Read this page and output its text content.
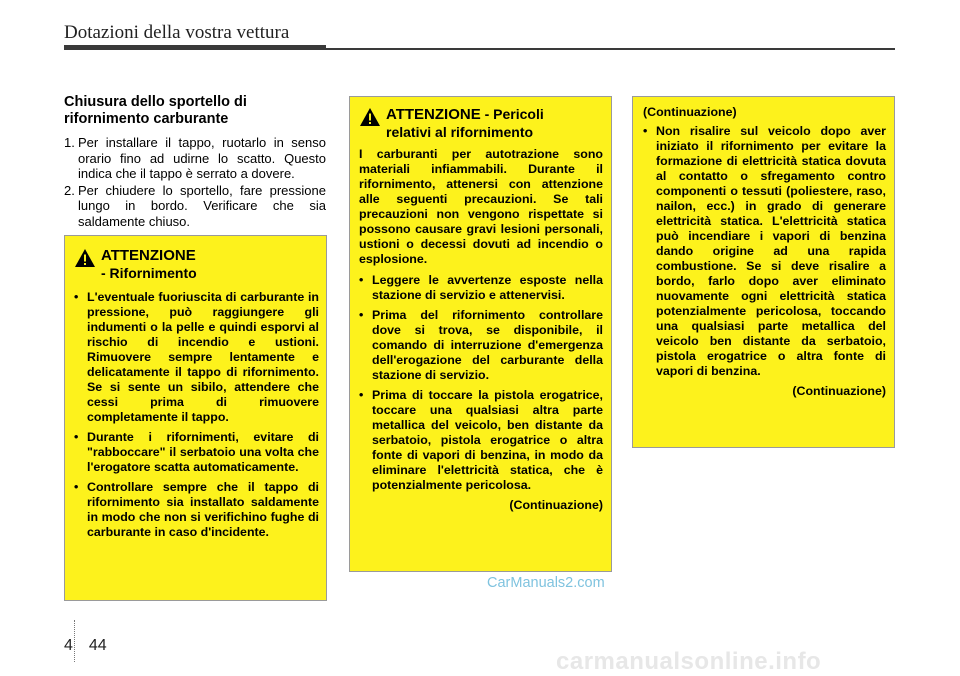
Dotazioni della vostra vettura
Chiusura dello sportello di rifornimento carburante
1. Per installare il tappo, ruotarlo in senso orario fino ad udirne lo scatto. Questo indica che il tappo è serrato a dovere.
2. Per chiudere lo sportello, fare pressione lungo in bordo. Verificare che sia saldamente chiuso.
ATTENZIONE
- Rifornimento
• L'eventuale fuoriuscita di carburante in pressione, può raggiungere gli indumenti o la pelle e quindi esporvi al rischio di incendio e ustioni. Rimuovere sempre lentamente e delicatamente il tappo di rifornimento. Se si sente un sibilo, attendere che cessi prima di rimuovere completamente il tappo.
• Durante i rifornimenti, evitare di "rabboccare" il serbatoio una volta che l'erogatore scatta automaticamente.
• Controllare sempre che il tappo di rifornimento sia installato saldamente in modo che non si verifichino fughe di carburante in caso d'incidente.
ATTENZIONE - Pericoli
relativi al rifornimento
I carburanti per autotrazione sono materiali infiammabili. Durante il rifornimento, attenersi con attenzione alle seguenti precauzioni. Se tali precauzioni non vengono rispettate si possono causare gravi lesioni personali, ustioni o decessi dovuti ad incendio o esplosione.
• Leggere le avvertenze esposte nella stazione di servizio e attenervisi.
• Prima del rifornimento controllare dove si trova, se disponibile, il comando di interruzione d'emergenza dell'erogazione del carburante della stazione di servizio.
• Prima di toccare la pistola erogatrice, toccare una qualsiasi altra parte metallica del veicolo, ben distante da serbatoio, pistola erogatrice o altra fonte di vapori di benzina, in modo da eliminare l'elettricità statica, che è potenzialmente pericolosa.
(Continuazione)
(Continuazione)
• Non risalire sul veicolo dopo aver iniziato il rifornimento per evitare la formazione di elettricità statica dovuta al contatto o sfregamento contro componenti o tessuti (poliestere, raso, nailon, ecc.) in grado di generare elettricità statica. L'elettricità statica può incendiare i vapori di benzina dando origine ad una rapida combustione. Se si deve risalire a bordo, farlo dopo aver eliminato nuovamente ogni elettricità statica potenzialmente pericolosa, toccando una qualsiasi parte metallica del veicolo ben distante da serbatoio, pistola erogatrice o altra fonte di vapori di benzina.
(Continuazione)
CarManuals2.com
4 44
carmanualsonline.info
